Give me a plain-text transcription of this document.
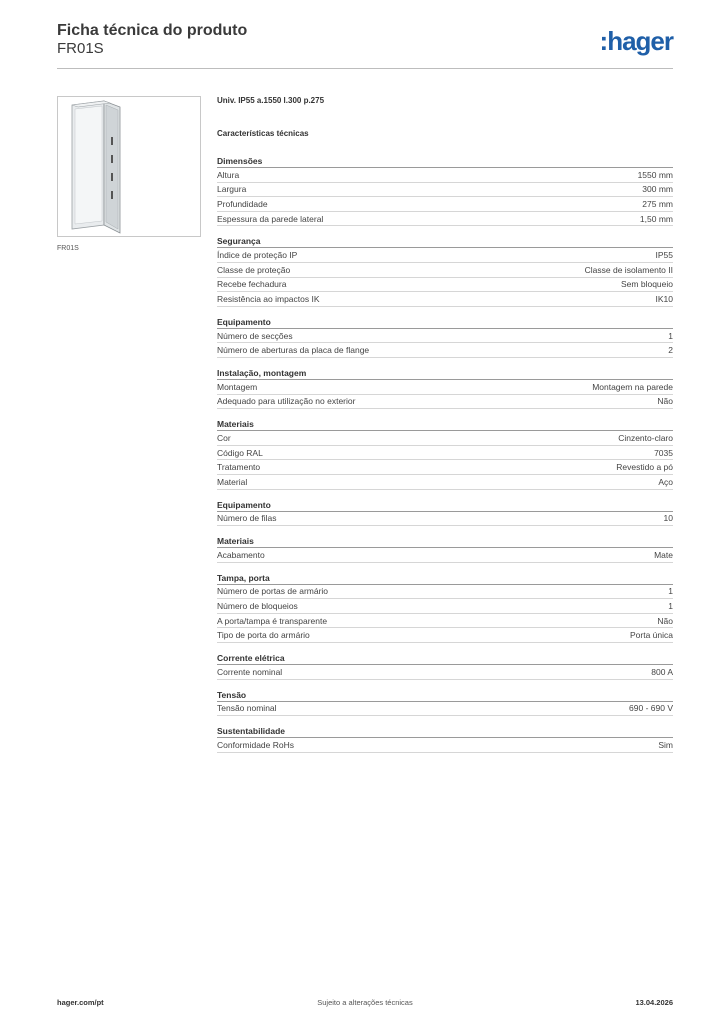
Ficha técnica do produto
FR01S	:hager
FR01S
Univ. IP55 a.1550 l.300 p.275
Características técnicas
Dimensões
Altura	1550 mm
Largura	300 mm
Profundidade	275 mm
Espessura da parede lateral	1,50 mm
Segurança
Índice de proteção IP	IP55
Classe de proteção	Classe de isolamento II
Recebe fechadura	Sem bloqueio
Resistência ao impactos IK	IK10
Equipamento
Número de secções	1
Número de aberturas da placa de flange	2
Instalação, montagem
Montagem	Montagem na parede
Adequado para utilização no exterior	Não
Materiais
Cor	Cinzento-claro
Código RAL	7035
Tratamento	Revestido a pó
Material	Aço
Equipamento
Número de filas	10
Materiais
Acabamento	Mate
Tampa, porta
Número de portas de armário	1
Número de bloqueios	1
A porta/tampa é transparente	Não
Tipo de porta do armário	Porta única
Corrente elétrica
Corrente nominal	800 A
Tensão
Tensão nominal	690 - 690 V
Sustentabilidade
Conformidade RoHs	Sim
hager.com/pt	Sujeito a alterações técnicas	13.04.2026
